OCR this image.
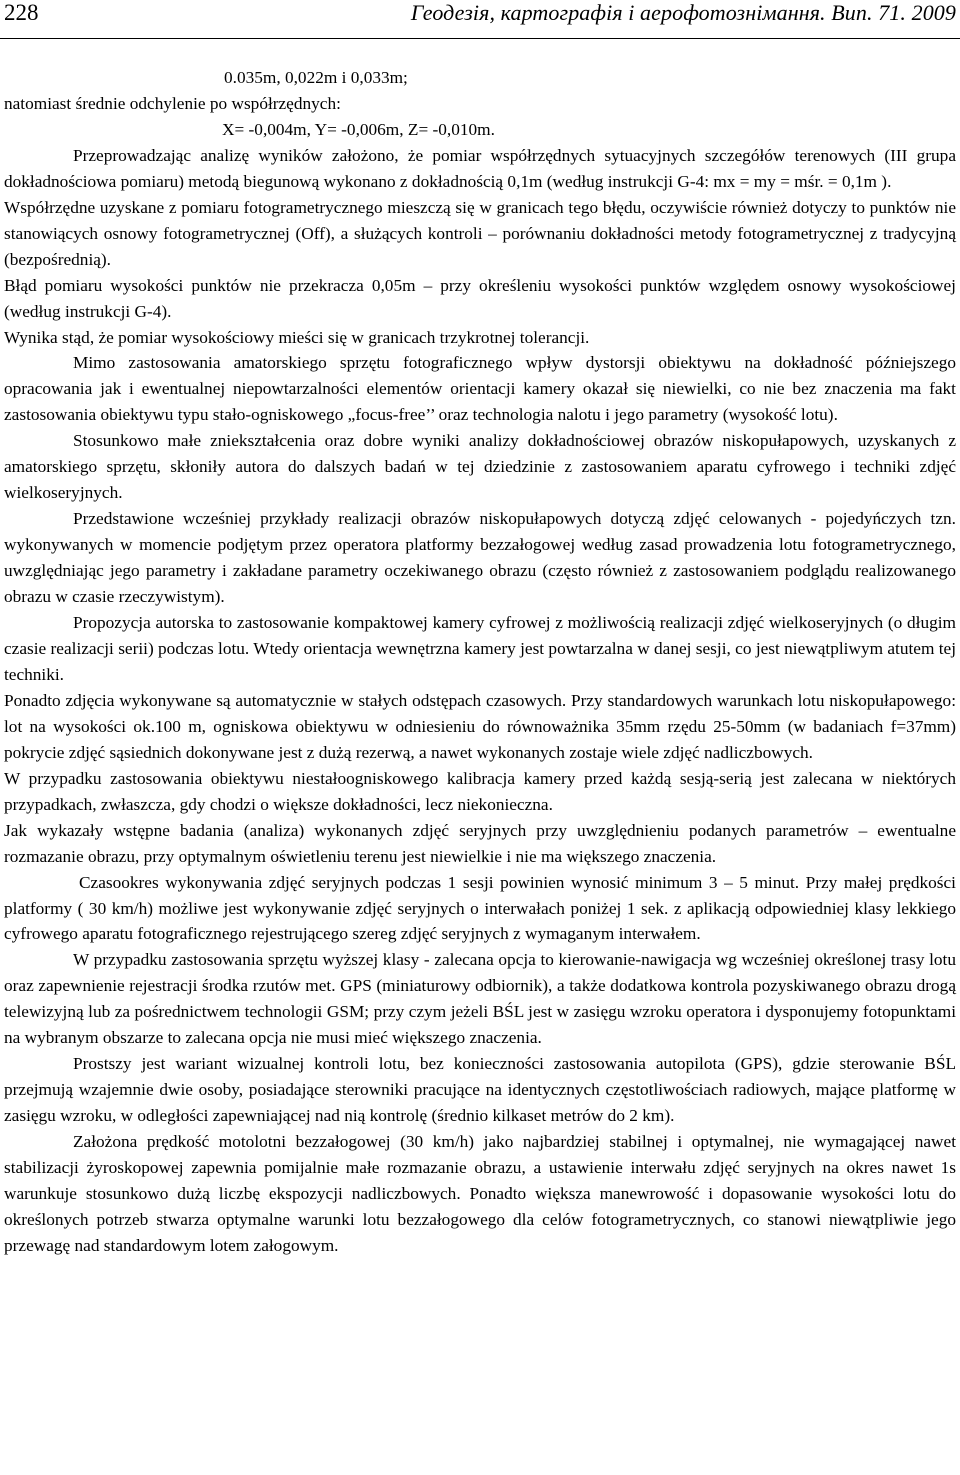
228	Геодезія, картографія і аерофотознімання. Вип. 71. 2009

0.035m, 0,022m i 0,033m;

natomiast średnie odchylenie po współrzędnych:

X= -0,004m, Y= -0,006m, Z= -0,010m.

Przeprowadzając analizę wyników założono, że pomiar współrzędnych sytuacyjnych szczegółów terenowych (III grupa dokładnościowa pomiaru) metodą biegunową wykonano z dokładnością 0,1m (według instrukcji G-4: mx = my = mśr. = 0,1m ).

Współrzędne uzyskane z pomiaru fotogrametrycznego mieszczą się w granicach tego błędu, oczywiście również dotyczy to punktów nie stanowiących osnowy fotogrametrycznej (Off), a służących kontroli – porównaniu dokładności metody fotogrametrycznej z tradycyjną (bezpośrednią).

Błąd pomiaru wysokości punktów nie przekracza 0,05m – przy określeniu wysokości punktów względem osnowy wysokościowej (według instrukcji G-4).

Wynika stąd, że pomiar wysokościowy mieści się w granicach trzykrotnej tolerancji.

Mimo zastosowania amatorskiego sprzętu fotograficznego wpływ dystorsji obiektywu na dokładność późniejszego opracowania jak i ewentualnej niepowtarzalności elementów orientacji kamery okazał się niewielki, co nie bez znaczenia ma fakt zastosowania obiektywu typu stało-ogniskowego „focus-free’’ oraz technologia nalotu i jego parametry (wysokość lotu).

Stosunkowo małe zniekształcenia oraz dobre wyniki analizy dokładnościowej obrazów niskopułapowych, uzyskanych z amatorskiego sprzętu, skłoniły autora do dalszych badań w tej dziedzinie z zastosowaniem aparatu cyfrowego i techniki zdjęć wielkoseryjnych.

Przedstawione wcześniej przykłady realizacji obrazów niskopułapowych dotyczą zdjęć celowanych - pojedyńczych tzn. wykonywanych w momencie podjętym przez operatora platformy bezzałogowej według zasad prowadzenia lotu fotogrametrycznego, uwzględniając jego parametry i zakładane parametry oczekiwanego obrazu (często również z zastosowaniem podglądu realizowanego obrazu w czasie rzeczywistym).

Propozycja autorska to zastosowanie kompaktowej kamery cyfrowej z możliwością realizacji zdjęć wielkoseryjnych (o długim czasie realizacji serii) podczas lotu. Wtedy orientacja wewnętrzna kamery jest powtarzalna w danej sesji, co jest niewątpliwym atutem tej techniki.

Ponadto zdjęcia wykonywane są automatycznie w stałych odstępach czasowych. Przy standardowych warunkach lotu niskopułapowego: lot na wysokości ok.100 m, ogniskowa obiektywu w odniesieniu do równoważnika 35mm rzędu 25-50mm (w badaniach f=37mm) pokrycie zdjęć sąsiednich dokonywane jest z dużą rezerwą, a nawet wykonanych zostaje wiele zdjęć nadliczbowych.

W przypadku zastosowania obiektywu niestałoogniskowego kalibracja kamery przed każdą sesją-serią jest zalecana w niektórych przypadkach, zwłaszcza, gdy chodzi o większe dokładności, lecz niekonieczna.

Jak wykazały wstępne badania (analiza) wykonanych zdjęć seryjnych przy uwzględnieniu podanych parametrów – ewentualne rozmazanie obrazu, przy optymalnym oświetleniu terenu jest niewielkie i nie ma większego znaczenia.

Czasookres wykonywania zdjęć seryjnych podczas 1 sesji powinien wynosić minimum 3 – 5 minut. Przy małej prędkości platformy ( 30 km/h) możliwe jest wykonywanie zdjęć seryjnych o interwałach poniżej 1 sek. z aplikacją odpowiedniej klasy lekkiego cyfrowego aparatu fotograficznego rejestrującego szereg zdjęć seryjnych z wymaganym interwałem.

W przypadku zastosowania sprzętu wyższej klasy - zalecana opcja to kierowanie-nawigacja wg wcześniej określonej trasy lotu oraz zapewnienie rejestracji środka rzutów met. GPS (miniaturowy odbiornik), a także dodatkowa kontrola pozyskiwanego obrazu drogą telewizyjną lub za pośrednictwem technologii GSM; przy czym jeżeli BŚL jest w zasięgu wzroku operatora i dysponujemy fotopunktami na wybranym obszarze to zalecana opcja nie musi mieć większego znaczenia.

Prostszy jest wariant wizualnej kontroli lotu, bez konieczności zastosowania autopilota (GPS), gdzie sterowanie BŚL przejmują wzajemnie dwie osoby, posiadające sterowniki pracujące na identycznych częstotliwościach radiowych, mające platformę w zasięgu wzroku, w odległości zapewniającej nad nią kontrolę (średnio kilkaset metrów do 2 km).

Założona prędkość motolotni bezzałogowej (30 km/h) jako najbardziej stabilnej i optymalnej, nie wymagającej nawet stabilizacji żyroskopowej zapewnia pomijalnie małe rozmazanie obrazu, a ustawienie interwału zdjęć seryjnych na okres nawet 1s warunkuje stosunkowo dużą liczbę ekspozycji nadliczbowych. Ponadto większa manewrowość i dopasowanie wysokości lotu do określonych potrzeb stwarza optymalne warunki lotu bezzałogowego dla celów fotogrametrycznych, co stanowi niewątpliwie jego przewagę nad standardowym lotem załogowym.
